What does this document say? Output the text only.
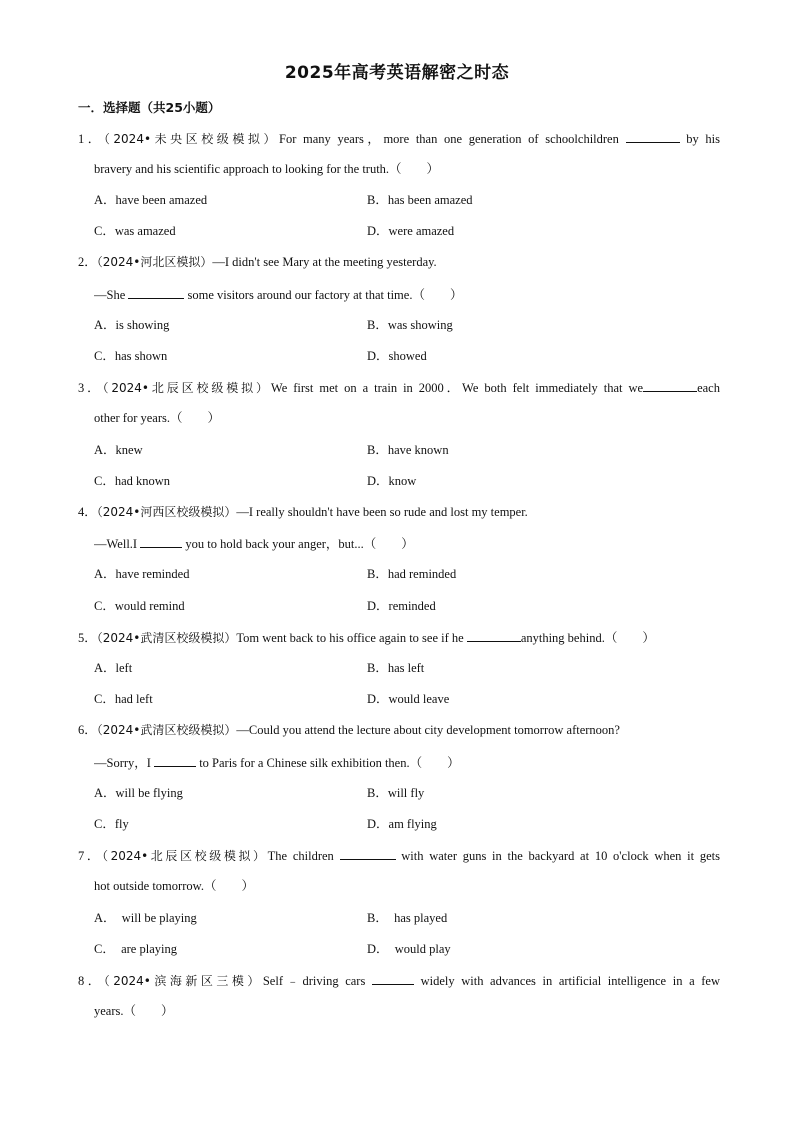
2025年高考英语解密之时态
一．选择题（共25小题）
1．（2024•未央区校级模拟）For many years，more than one generation of schoolchildren	by his
bravery and his scientific approach to looking for the truth.（　　）
A．have been amazed	B．has been amazed
C．was amazed	D．were amazed
2．（2024•河北区模拟）—I didn't see Mary at the meeting yesterday.
—She	some visitors around our factory at that time.（　　）
A．is showing	B．was showing
C．has shown	D．showed
3．（2024•北辰区校级模拟）We first met on a train in 2000．We both felt immediately that we	each
other for years.（　　）
A．knew	B．have known
C．had known	D．know
4．（2024•河西区校级模拟）—I really shouldn't have been so rude and lost my temper.
—Well.I	you to hold back your anger，but...（　　）
A．have reminded	B．had reminded
C．would remind	D．reminded
5．（2024•武清区校级模拟）Tom went back to his office again to see if he	anything behind.（　　）
A．left	B．has left
C．had left	D．would leave
6．（2024•武清区校级模拟）—Could you attend the lecture about city development tomorrow afternoon?
—Sorry，I	to Paris for a Chinese silk exhibition then.（　　）
A．will be flying	B．will fly
C．fly	D．am flying
7．（2024•北辰区校级模拟）The children	with water guns in the backyard at 10 o'clock when it gets
hot outside tomorrow.（　　）
A．　will be playing	B．　has played
C．　are playing	D．　would play
8．（2024•滨海新区三模）Self﹣driving cars	widely with advances in artificial intelligence in a few
years.（　　）
